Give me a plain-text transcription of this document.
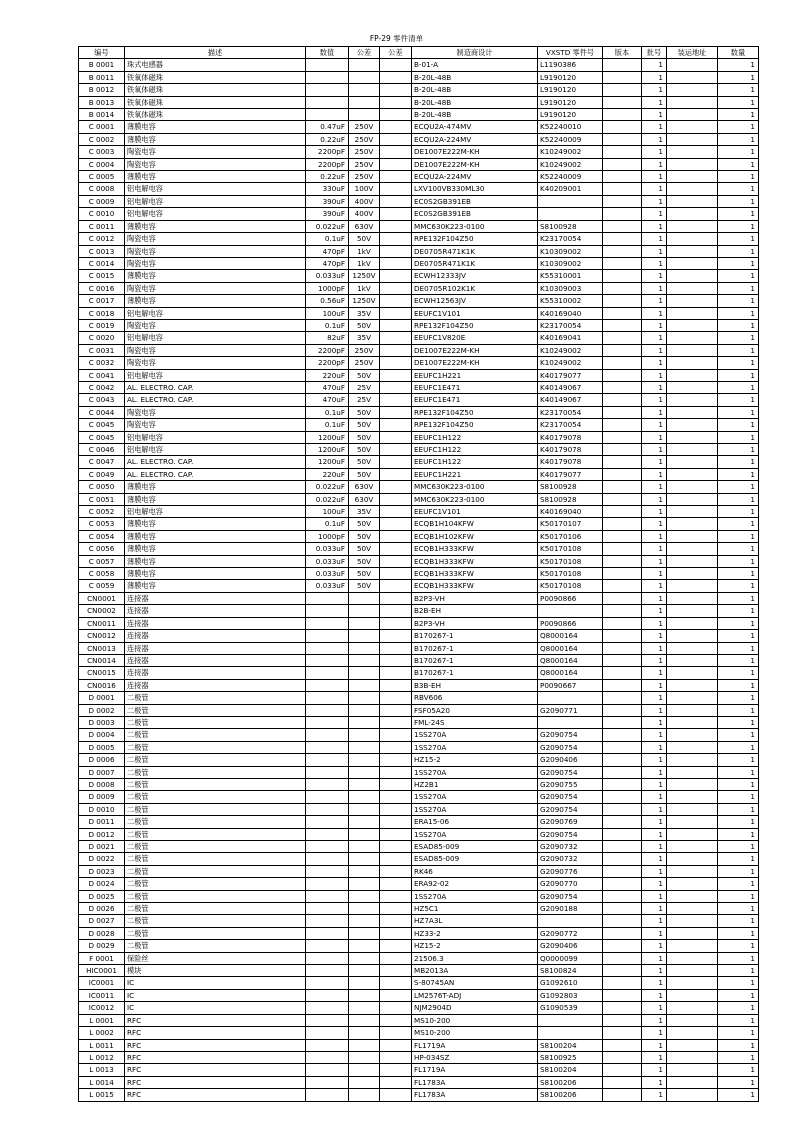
FP-29 零件清单
编号	描述	数值	公差	公差	制造商设计	VXSTD 零件号	版本	批号	装运地址	数量
B 0001	珠式电感器				B-01-A	L1190386		1		1
B 0011	铁氧体磁珠				B-20L-48B	L9190120		1		1
B 0012	铁氧体磁珠				B-20L-48B	L9190120		1		1
B 0013	铁氧体磁珠				B-20L-48B	L9190120		1		1
B 0014	铁氧体磁珠				B-20L-48B	L9190120		1		1
C 0001	薄膜电容	0.47uF	250V		ECQU2A-474MV	K52240010		1		1
C 0002	薄膜电容	0.22uF	250V		ECQU2A-224MV	K52240009		1		1
C 0003	陶瓷电容	2200pF	250V		DE1007E222M-KH	K10249002		1		1
C 0004	陶瓷电容	2200pF	250V		DE1007E222M-KH	K10249002		1		1
C 0005	薄膜电容	0.22uF	250V		ECQU2A-224MV	K52240009		1		1
C 0008	铝电解电容	330uF	100V		LXV100VB330ML30	K40209001		1		1
C 0009	铝电解电容	390uF	400V		EC0S2GB391EB			1		1
C 0010	铝电解电容	390uF	400V		EC0S2GB391EB			1		1
C 0011	薄膜电容	0.022uF	630V		MMC630K223-0100	S8100928		1		1
C 0012	陶瓷电容	0.1uF	50V		RPE132F104Z50	K23170054		1		1
C 0013	陶瓷电容	470pF	1kV		DE0705R471K1K	K10309002		1		1
C 0014	陶瓷电容	470pF	1kV		DE0705R471K1K	K10309002		1		1
C 0015	薄膜电容	0.033uF	1250V		ECWH12333JV	K55310001		1		1
C 0016	陶瓷电容	1000pF	1kV		DE0705R102K1K	K10309003		1		1
C 0017	薄膜电容	0.56uF	1250V		ECWH12563JV	K55310002		1		1
C 0018	铝电解电容	100uF	35V		EEUFC1V101	K40169040		1		1
C 0019	陶瓷电容	0.1uF	50V		RPE132F104Z50	K23170054		1		1
C 0020	铝电解电容	82uF	35V		EEUFC1V820E	K40169041		1		1
C 0031	陶瓷电容	2200pF	250V		DE1007E222M-KH	K10249002		1		1
C 0032	陶瓷电容	2200pF	250V		DE1007E222M-KH	K10249002		1		1
C 0041	铝电解电容	220uF	50V		EEUFC1H221	K40179077		1		1
C 0042	AL. ELECTRO. CAP.	470uF	25V		EEUFC1E471	K40149067		1		1
C 0043	AL. ELECTRO. CAP.	470uF	25V		EEUFC1E471	K40149067		1		1
C 0044	陶瓷电容	0.1uF	50V		RPE132F104Z50	K23170054		1		1
C 0045	陶瓷电容	0.1uF	50V		RPE132F104Z50	K23170054		1		1
C 0045	铝电解电容	1200uF	50V		EEUFC1H122	K40179078		1		1
C 0046	铝电解电容	1200uF	50V		EEUFC1H122	K40179078		1		1
C 0047	AL. ELECTRO. CAP.	1200uF	50V		EEUFC1H122	K40179078		1		1
C 0049	AL. ELECTRO. CAP.	220uF	50V		EEUFC1H221	K40179077		1		1
C 0050	薄膜电容	0.022uF	630V		MMC630K223-0100	S8100928		1		1
C 0051	薄膜电容	0.022uF	630V		MMC630K223-0100	S8100928		1		1
C 0052	铝电解电容	100uF	35V		EEUFC1V101	K40169040		1		1
C 0053	薄膜电容	0.1uF	50V		ECQB1H104KFW	K50170107		1		1
C 0054	薄膜电容	1000pF	50V		ECQB1H102KFW	K50170106		1		1
C 0056	薄膜电容	0.033uF	50V		ECQB1H333KFW	K50170108		1		1
C 0057	薄膜电容	0.033uF	50V		ECQB1H333KFW	K50170108		1		1
C 0058	薄膜电容	0.033uF	50V		ECQB1H333KFW	K50170108		1		1
C 0059	薄膜电容	0.033uF	50V		ECQB1H333KFW	K50170108		1		1
CN0001	连接器				B2P3-VH	P0090866		1		1
CN0002	连接器				B2B-EH			1		1
CN0011	连接器				B2P3-VH	P0090866		1		1
CN0012	连接器				B170267-1	Q8000164		1		1
CN0013	连接器				B170267-1	Q8000164		1		1
CN0014	连接器				B170267-1	Q8000164		1		1
CN0015	连接器				B170267-1	Q8000164		1		1
CN0016	连接器				B3B-EH	P0090667		1		1
D 0001	二极管				RBV606			1		1
D 0002	二极管				FSF05A20	G2090771		1		1
D 0003	二极管				FML-24S			1		1
D 0004	二极管				1SS270A	G2090754		1		1
D 0005	二极管				1SS270A	G2090754		1		1
D 0006	二极管				HZ15-2	G2090406		1		1
D 0007	二极管				1SS270A	G2090754		1		1
D 0008	二极管				HZ2B1	G2090755		1		1
D 0009	二极管				1SS270A	G2090754		1		1
D 0010	二极管				1SS270A	G2090754		1		1
D 0011	二极管				ERA15-06	G2090769		1		1
D 0012	二极管				1SS270A	G2090754		1		1
D 0021	二极管				ESAD85-009	G2090732		1		1
D 0022	二极管				ESAD85-009	G2090732		1		1
D 0023	二极管				RK46	G2090776		1		1
D 0024	二极管				ERA92-02	G2090770		1		1
D 0025	二极管				1SS270A	G2090754		1		1
D 0026	二极管				HZ5C1	G2090188		1		1
D 0027	二极管				HZ7A3L			1		1
D 0028	二极管				HZ33-2	G2090772		1		1
D 0029	二极管				HZ15-2	G2090406		1		1
F 0001	保险丝				21506.3	Q0000099		1		1
HIC0001	模块				MB2013A	S8100824		1		1
IC0001	IC				S-80745AN	G1092610		1		1
IC0011	IC				LM2576T-ADJ	G1092803		1		1
IC0012	IC				NJM2904D	G1090539		1		1
L 0001	RFC				MS10-200			1		1
L 0002	RFC				MS10-200			1		1
L 0011	RFC				FL1719A	S8100204		1		1
L 0012	RFC				HP-034SZ	S8100925		1		1
L 0013	RFC				FL1719A	S8100204		1		1
L 0014	RFC				FL1783A	S8100206		1		1
L 0015	RFC				FL1783A	S8100206		1		1
